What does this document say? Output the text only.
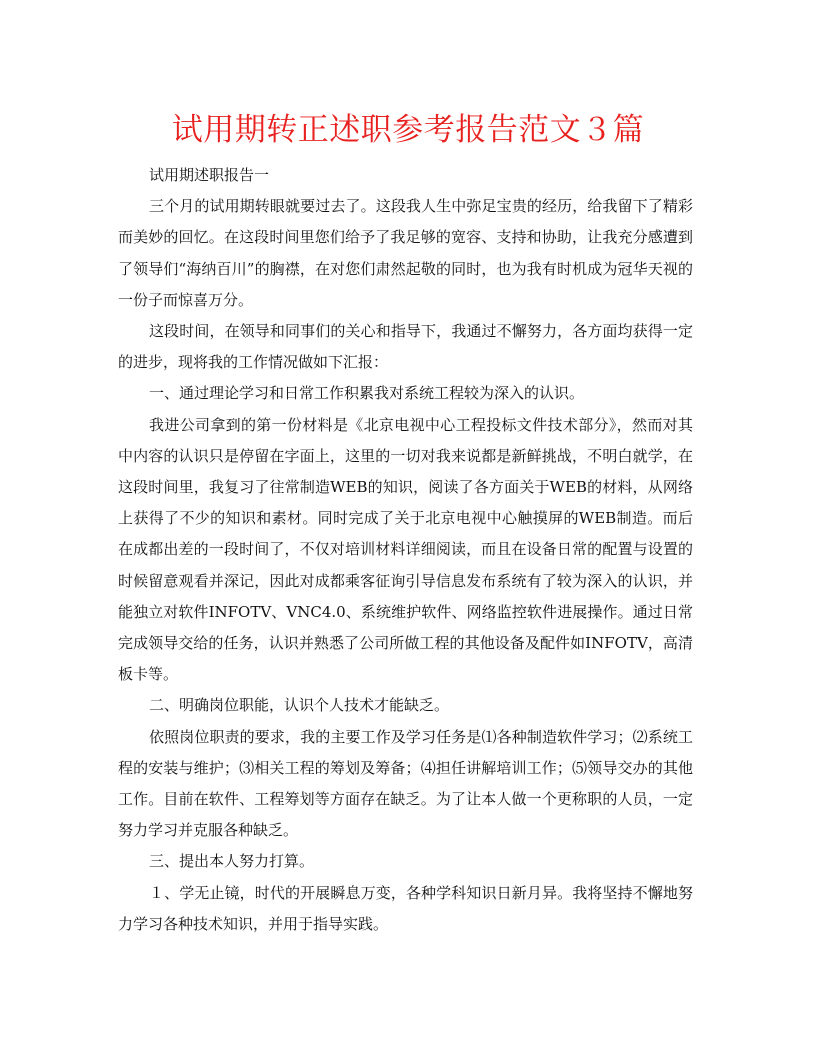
试用期转正述职参考报告范文３篇

试用期述职报告一

三个月的试用期转眼就要过去了。这段我人生中弥足宝贵的经历，给我留下了精彩而美妙的回忆。在这段时间里您们给予了我足够的宽容、支持和协助，让我充分感遭到了领导们“海纳百川”的胸襟，在对您们肃然起敬的同时，也为我有时机成为冠华天视的一份子而惊喜万分。

这段时间，在领导和同事们的关心和指导下，我通过不懈努力，各方面均获得一定的进步，现将我的工作情况做如下汇报：

一、通过理论学习和日常工作积累我对系统工程较为深入的认识。

我进公司拿到的第一份材料是《北京电视中心工程投标文件技术部分》，然而对其中内容的认识只是停留在字面上，这里的一切对我来说都是新鲜挑战，不明白就学，在这段时间里，我复习了往常制造WEB的知识，阅读了各方面关于WEB的材料，从网络上获得了不少的知识和素材。同时完成了关于北京电视中心触摸屏的WEB制造。而后在成都出差的一段时间了，不仅对培训材料详细阅读，而且在设备日常的配置与设置的时候留意观看并深记，因此对成都乘客征询引导信息发布系统有了较为深入的认识，并能独立对软件INFOTV、VNC4.0、系统维护软件、网络监控软件进展操作。通过日常完成领导交给的任务，认识并熟悉了公司所做工程的其他设备及配件如INFOTV，高清板卡等。

二、明确岗位职能，认识个人技术才能缺乏。

依照岗位职责的要求，我的主要工作及学习任务是⑴各种制造软件学习；⑵系统工程的安装与维护；⑶相关工程的筹划及筹备；⑷担任讲解培训工作；⑸领导交办的其他工作。目前在软件、工程筹划等方面存在缺乏。为了让本人做一个更称职的人员，一定努力学习并克服各种缺乏。

三、提出本人努力打算。

１、学无止镜，时代的开展瞬息万变，各种学科知识日新月异。我将坚持不懈地努力学习各种技术知识，并用于指导实践。
